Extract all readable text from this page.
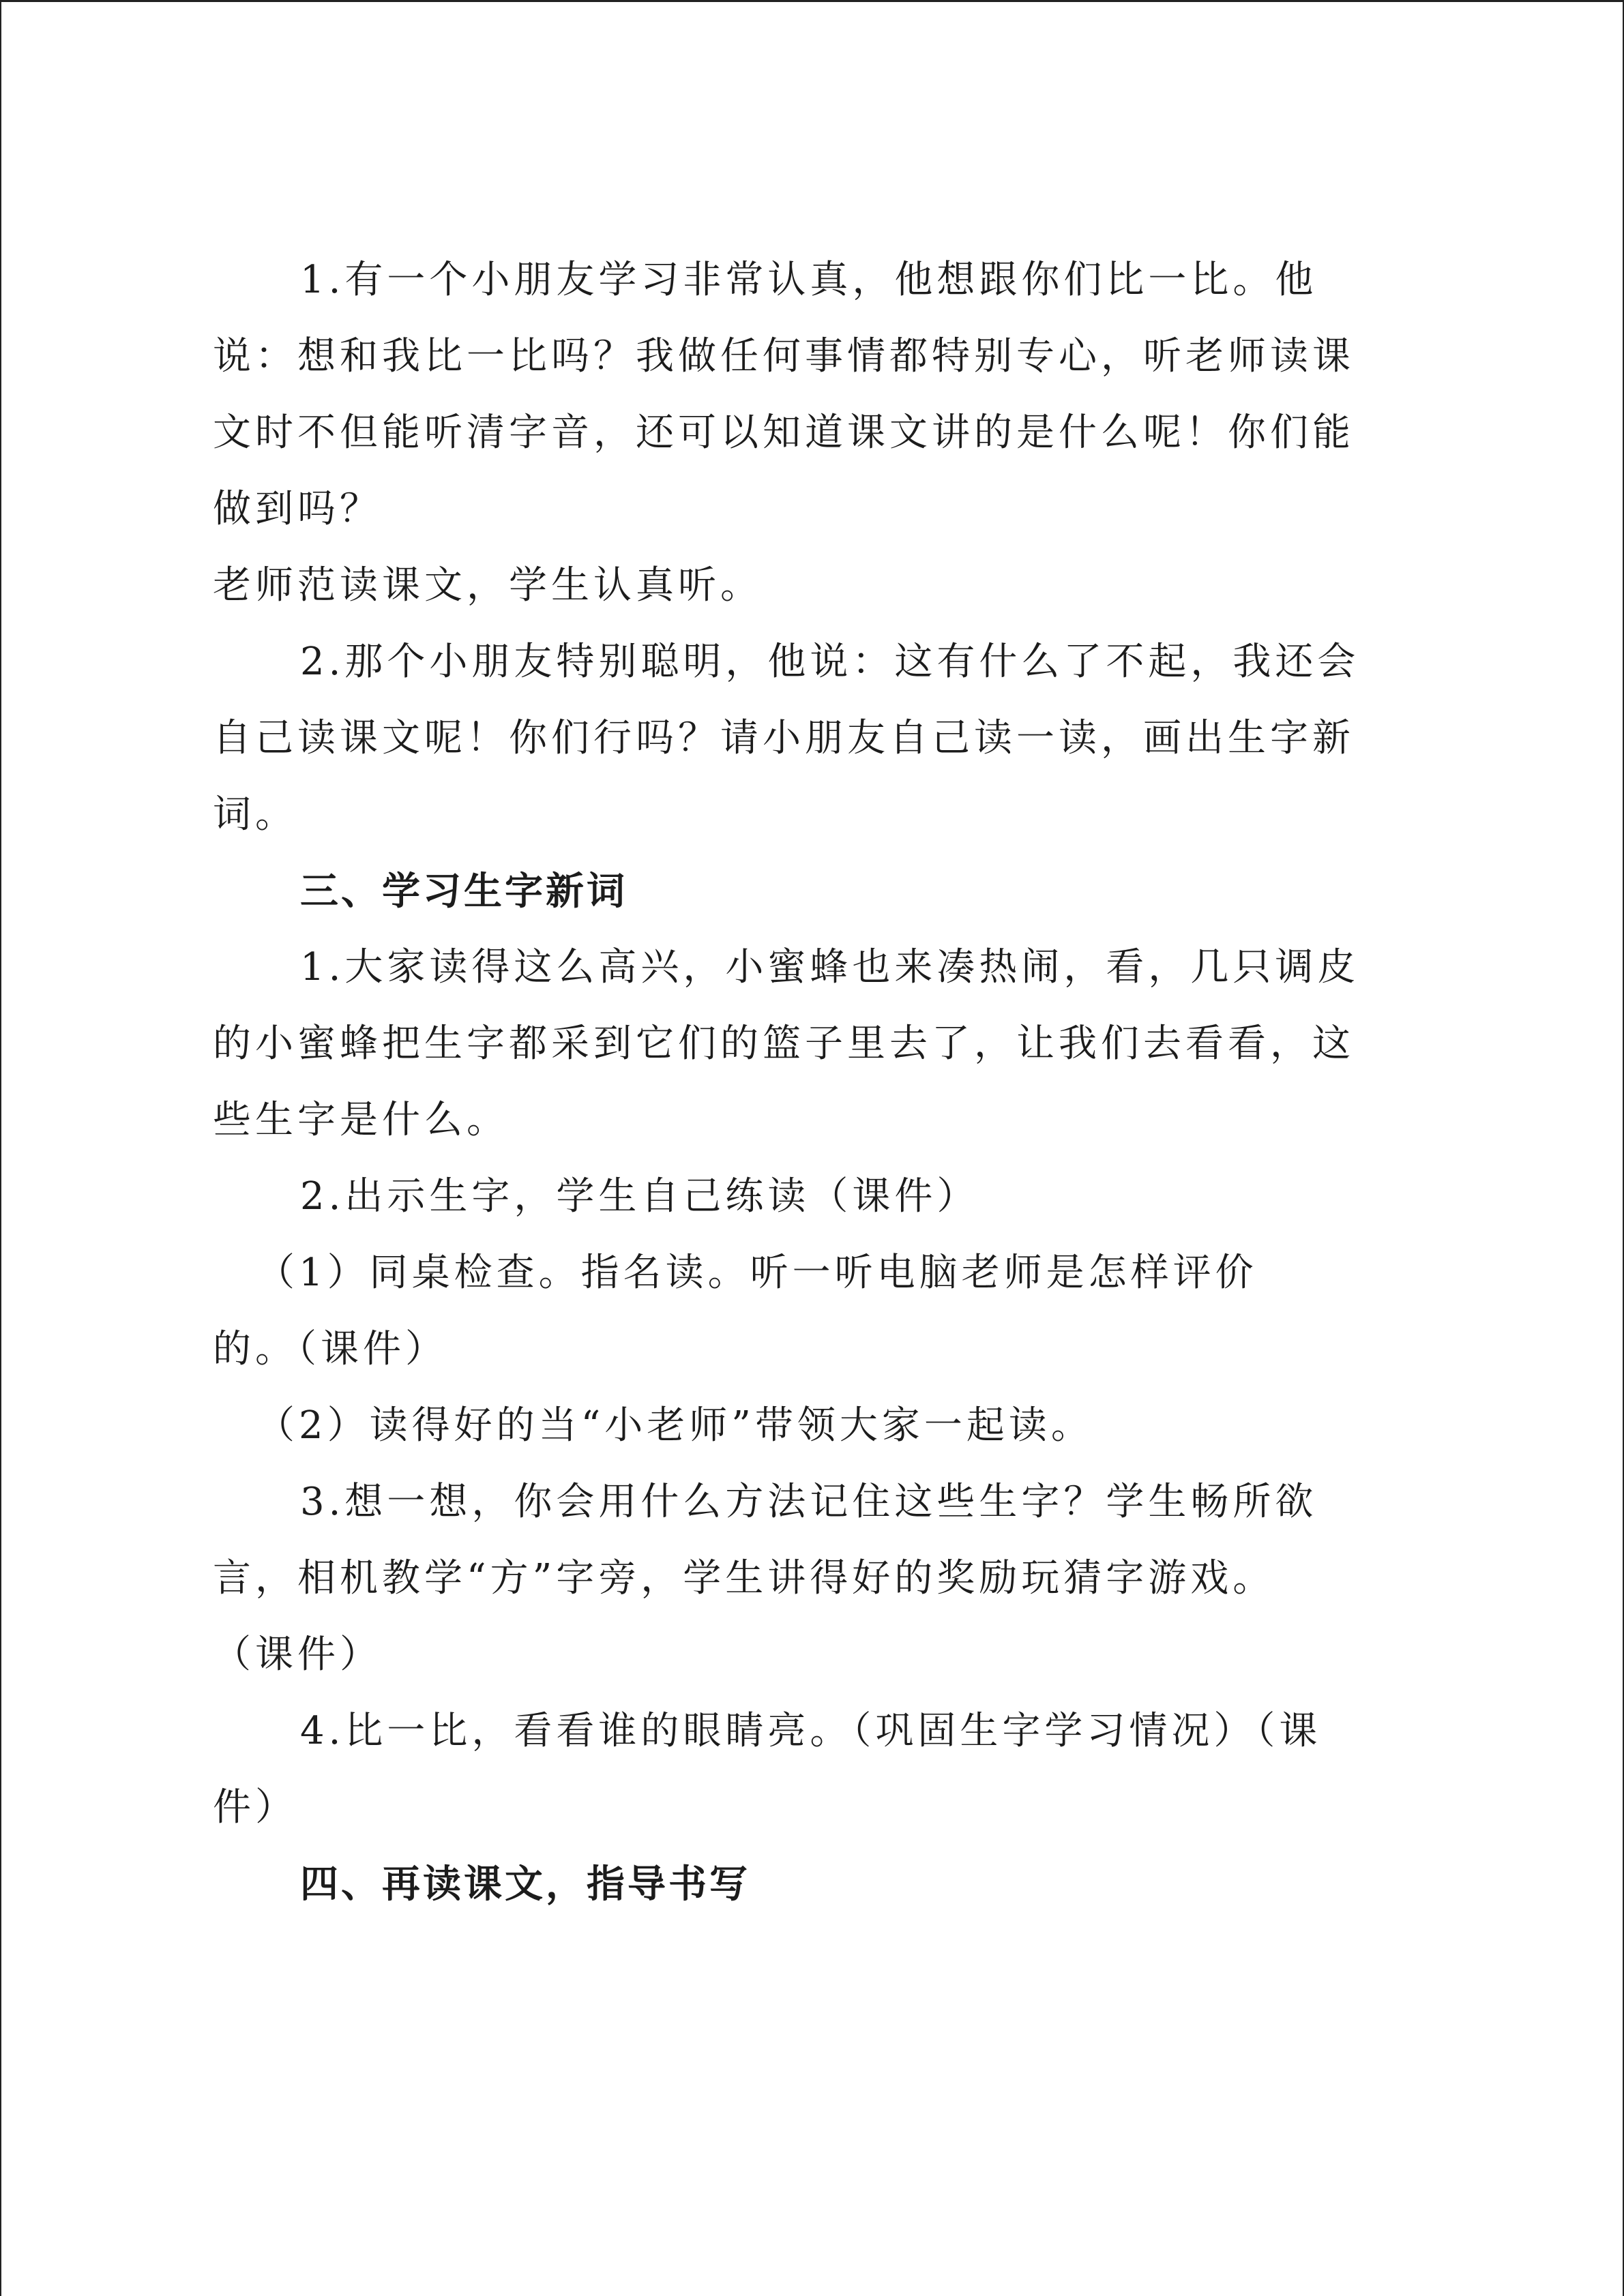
1.有一个小朋友学习非常认真，他想跟你们比一比。他
说：想和我比一比吗？我做任何事情都特别专心，听老师读课
文时不但能听清字音，还可以知道课文讲的是什么呢！你们能
做到吗？
老师范读课文，学生认真听。
2.那个小朋友特别聪明，他说：这有什么了不起，我还会
自己读课文呢！你们行吗？请小朋友自己读一读，画出生字新
词。
三、学习生字新词
1.大家读得这么高兴，小蜜蜂也来凑热闹，看，几只调皮
的小蜜蜂把生字都采到它们的篮子里去了，让我们去看看，这
些生字是什么。
2.出示生字，学生自己练读（课件）
（1）同桌检查。指名读。听一听电脑老师是怎样评价
的。（课件）
（2）读得好的当“小老师”带领大家一起读。
3.想一想，你会用什么方法记住这些生字？学生畅所欲
言，相机教学“方”字旁，学生讲得好的奖励玩猜字游戏。
（课件）
4.比一比，看看谁的眼睛亮。（巩固生字学习情况）（课
件）
四、再读课文，指导书写
